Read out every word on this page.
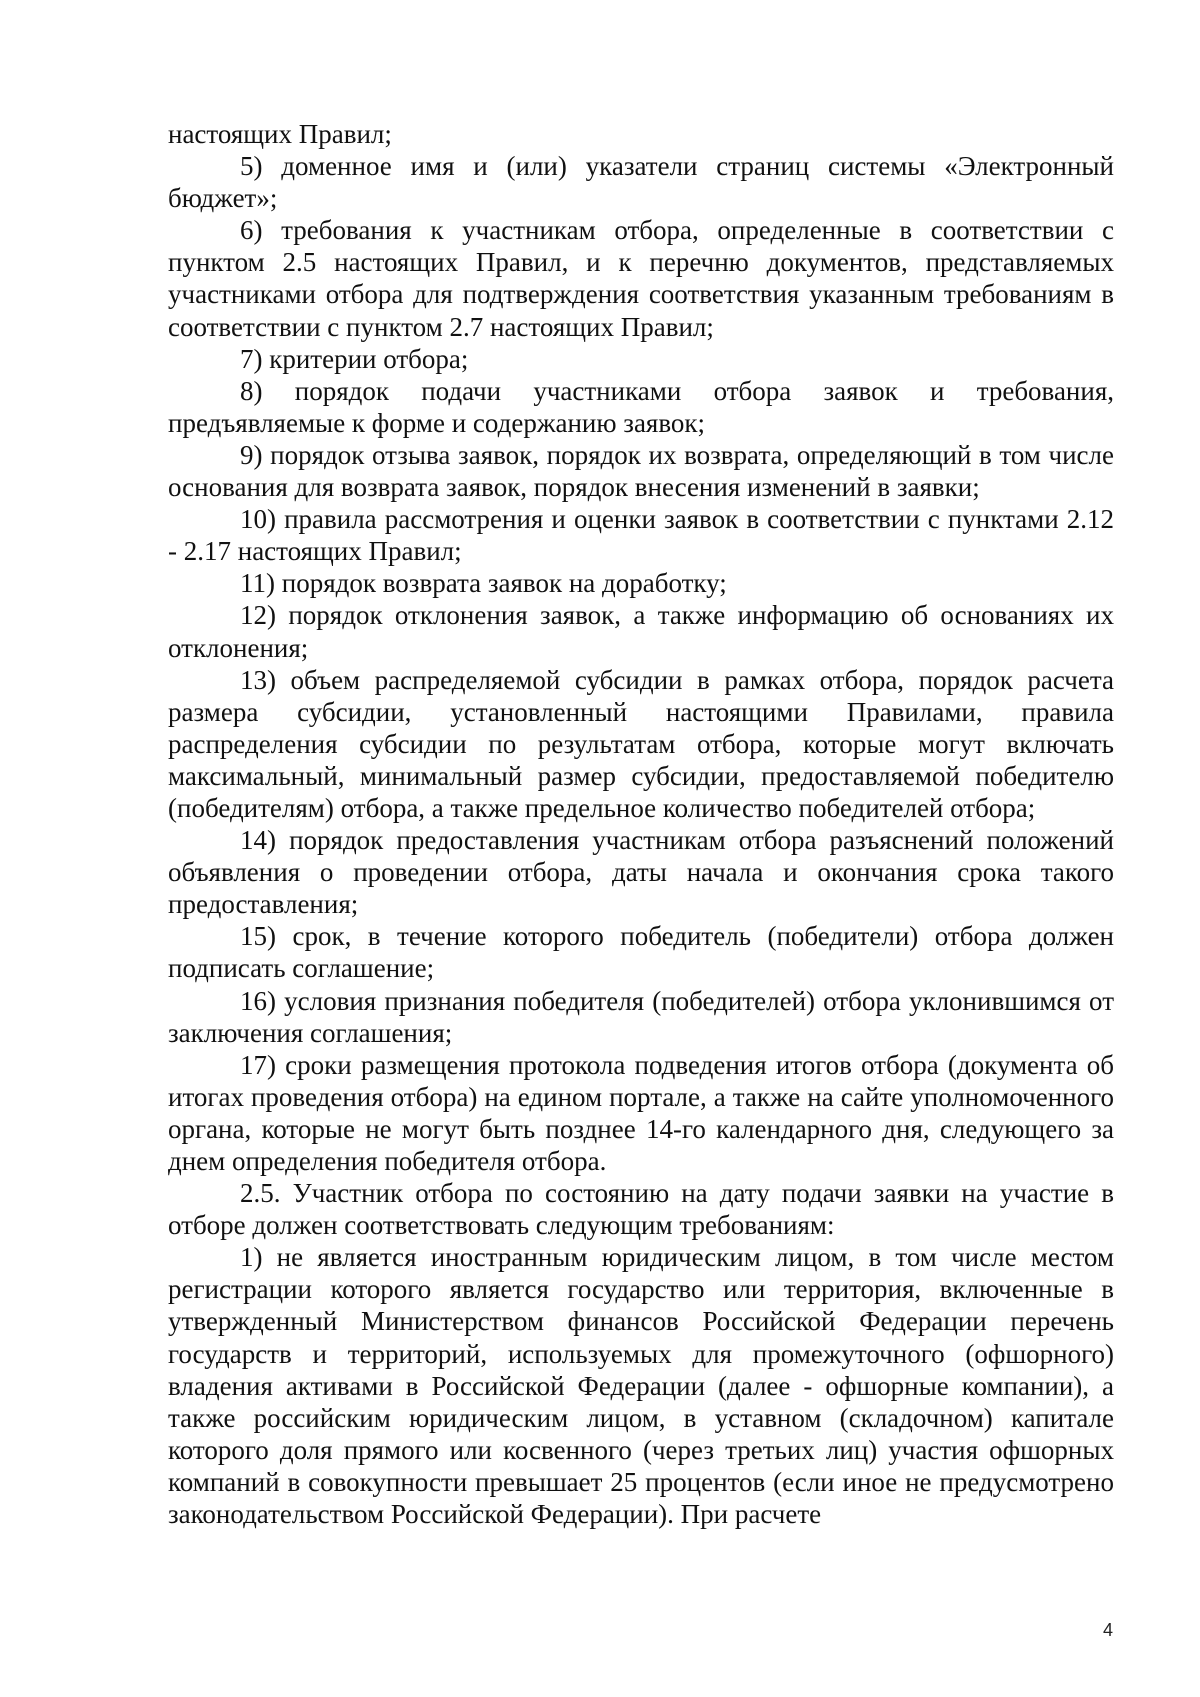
настоящих Правил;

5) доменное имя и (или) указатели страниц системы «Электронный бюджет»;

6) требования к участникам отбора, определенные в соответствии с пунктом 2.5 настоящих Правил, и к перечню документов, представляемых участниками отбора для подтверждения соответствия указанным требованиям в соответствии с пунктом 2.7 настоящих Правил;

7) критерии отбора;

8) порядок подачи участниками отбора заявок и требования, предъявляемые к форме и содержанию заявок;

9) порядок отзыва заявок, порядок их возврата, определяющий в том числе основания для возврата заявок, порядок внесения изменений в заявки;

10) правила рассмотрения и оценки заявок в соответствии с пунктами 2.12 - 2.17 настоящих Правил;

11) порядок возврата заявок на доработку;

12) порядок отклонения заявок, а также информацию об основаниях их отклонения;

13) объем распределяемой субсидии в рамках отбора, порядок расчета размера субсидии, установленный настоящими Правилами, правила распределения субсидии по результатам отбора, которые могут включать максимальный, минимальный размер субсидии, предоставляемой победителю (победителям) отбора, а также предельное количество победителей отбора;

14) порядок предоставления участникам отбора разъяснений положений объявления о проведении отбора, даты начала и окончания срока такого предоставления;

15) срок, в течение которого победитель (победители) отбора должен подписать соглашение;

16) условия признания победителя (победителей) отбора уклонившимся от заключения соглашения;

17) сроки размещения протокола подведения итогов отбора (документа об итогах проведения отбора) на едином портале, а также на сайте уполномоченного органа, которые не могут быть позднее 14-го календарного дня, следующего за днем определения победителя отбора.

2.5. Участник отбора по состоянию на дату подачи заявки на участие в отборе должен соответствовать следующим требованиям:

1) не является иностранным юридическим лицом, в том числе местом регистрации которого является государство или территория, включенные в утвержденный Министерством финансов Российской Федерации перечень государств и территорий, используемых для промежуточного (офшорного) владения активами в Российской Федерации (далее - офшорные компании), а также российским юридическим лицом, в уставном (складочном) капитале которого доля прямого или косвенного (через третьих лиц) участия офшорных компаний в совокупности превышает 25 процентов (если иное не предусмотрено законодательством Российской Федерации). При расчете

4
